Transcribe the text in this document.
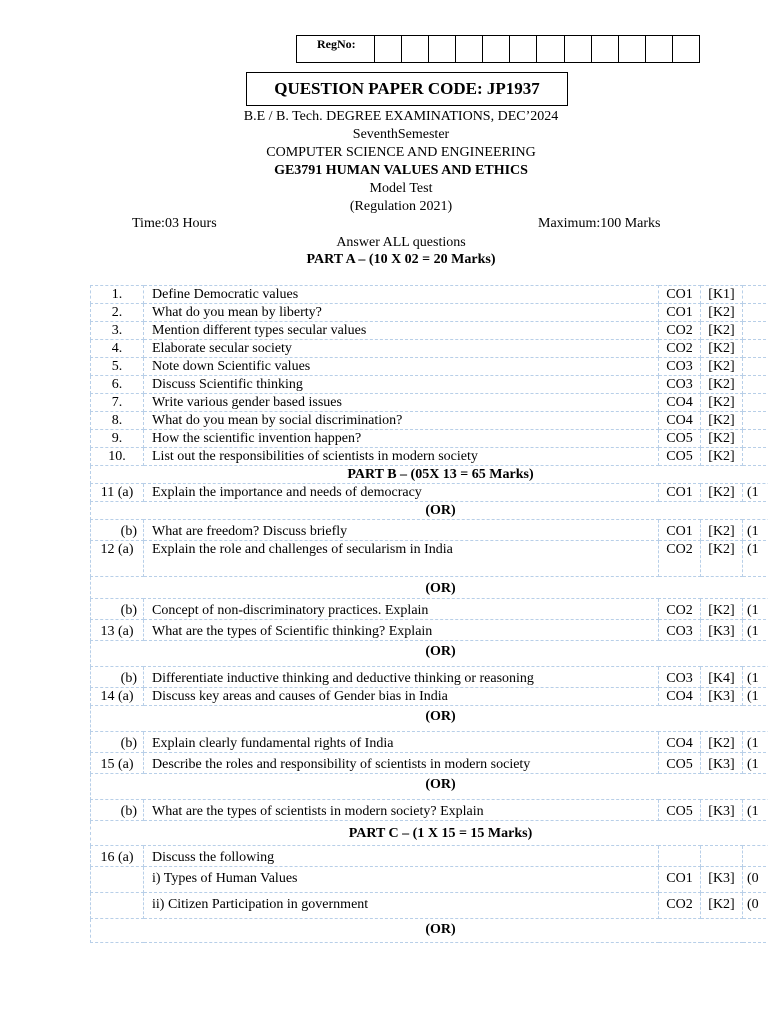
RegNo:
QUESTION PAPER CODE: JP1937
B.E / B. Tech. DEGREE EXAMINATIONS, DEC’2024
SeventhSemester
COMPUTER SCIENCE AND ENGINEERING
GE3791 HUMAN VALUES AND ETHICS
Model Test
(Regulation 2021)
Time:03 Hours	Maximum:100 Marks
Answer ALL questions
PART A – (10 X 02 = 20 Marks)
1.	Define Democratic values	CO1	[K1]	
2.	What do you mean by liberty?	CO1	[K2]	
3.	Mention different types secular values	CO2	[K2]	
4.	Elaborate secular society	CO2	[K2]	
5.	Note down Scientific values	CO3	[K2]	
6.	Discuss Scientific thinking	CO3	[K2]	
7.	Write various gender based issues	CO4	[K2]	
8.	What do you mean by social discrimination?	CO4	[K2]	
9.	How the scientific invention happen?	CO5	[K2]	
10.	List out the responsibilities of scientists in modern society	CO5	[K2]	
PART B – (05X 13 = 65 Marks)				
11 (a)	Explain the importance and needs of democracy	CO1	[K2]	(1
(OR)				
(b)	What are freedom? Discuss briefly	CO1	[K2]	(1
12 (a)	Explain the role and challenges of secularism in India	CO2	[K2]	(1
(OR)				
(b)	Concept of non-discriminatory practices. Explain	CO2	[K2]	(1
13 (a)	What are the types of Scientific thinking? Explain	CO3	[K3]	(1
(OR)				
(b)	Differentiate inductive thinking and deductive thinking or reasoning	CO3	[K4]	(1
14 (a)	Discuss key areas and causes of Gender bias in India	CO4	[K3]	(1
(OR)				
(b)	Explain clearly fundamental rights of India	CO4	[K2]	(1
15 (a)	Describe the roles and responsibility of scientists in modern society	CO5	[K3]	(1
(OR)				
(b)	What are the types of scientists in modern society? Explain	CO5	[K3]	(1
PART C – (1 X 15 = 15 Marks)				
16 (a)	Discuss the following			
	i) Types of Human Values	CO1	[K3]	(0
	ii) Citizen Participation in government	CO2	[K2]	(0
(OR)				
